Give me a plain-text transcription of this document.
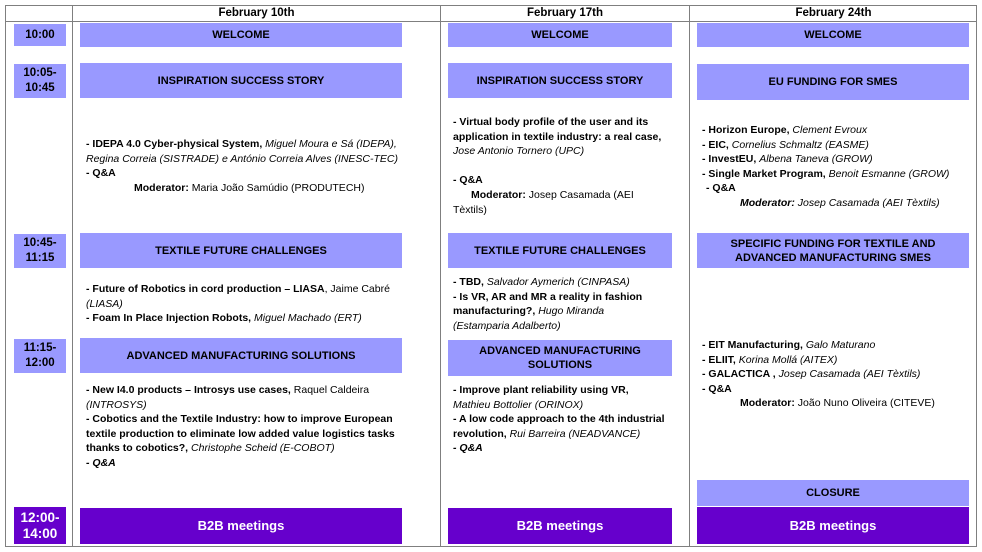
February 10th	February 17th	February 24th
10:00
10:05-
10:45
10:45-
11:15
11:15-
12:00
12:00-
14:00
WELCOME
INSPIRATION SUCCESS STORY

- IDEPA 4.0 Cyber-physical System, Miguel Moura e Sá (IDEPA),

Regina Correia (SISTRADE) e António Correia Alves (INESC-TEC)

- Q&A

Moderator: Maria João Samúdio (PRODUTECH)

TEXTILE FUTURE CHALLENGES

- Future of Robotics in cord production – LIASA, Jaime Cabré

(LIASA)

- Foam In Place Injection Robots, Miguel Machado (ERT)

ADVANCED MANUFACTURING SOLUTIONS

- New I4.0 products – Introsys use cases, Raquel Caldeira

(INTROSYS)

- Cobotics and the Textile Industry: how to improve European

textile production to eliminate low added value logistics tasks

thanks to cobotics?, Christophe Scheid (E-COBOT)

- Q&A

B2B meetings
WELCOME
INSPIRATION SUCCESS STORY

- Virtual body profile of the user and its

application in textile industry: a real case,

Jose Antonio Tornero (UPC)

- Q&A

Moderator: Josep Casamada (AEI

Tèxtils)

TEXTILE FUTURE CHALLENGES

- TBD, Salvador Aymerich (CINPASA)

- Is VR, AR and MR a reality in fashion

manufacturing?, Hugo Miranda

(Estamparia Adalberto)

ADVANCED MANUFACTURING SOLUTIONS

- Improve plant reliability using VR,

Mathieu Bottolier (ORINOX)

- A low code approach to the 4th industrial

revolution, Rui Barreira (NEADVANCE)

- Q&A

B2B meetings
WELCOME
EU FUNDING FOR SMES

- Horizon Europe, Clement Evroux

- EIC, Cornelius Schmaltz (EASME)

- InvestEU, Albena Taneva (GROW)

- Single Market Program, Benoit Esmanne (GROW)

- Q&A

Moderator: Josep Casamada (AEI Tèxtils)

SPECIFIC FUNDING FOR TEXTILE AND ADVANCED MANUFACTURING SMES

- EIT Manufacturing, Galo Maturano

- ELIIT, Korina Mollá (AITEX)

- GALACTICA , Josep Casamada (AEI Tèxtils)

- Q&A

Moderator: João Nuno Oliveira (CITEVE)

CLOSURE
B2B meetings
